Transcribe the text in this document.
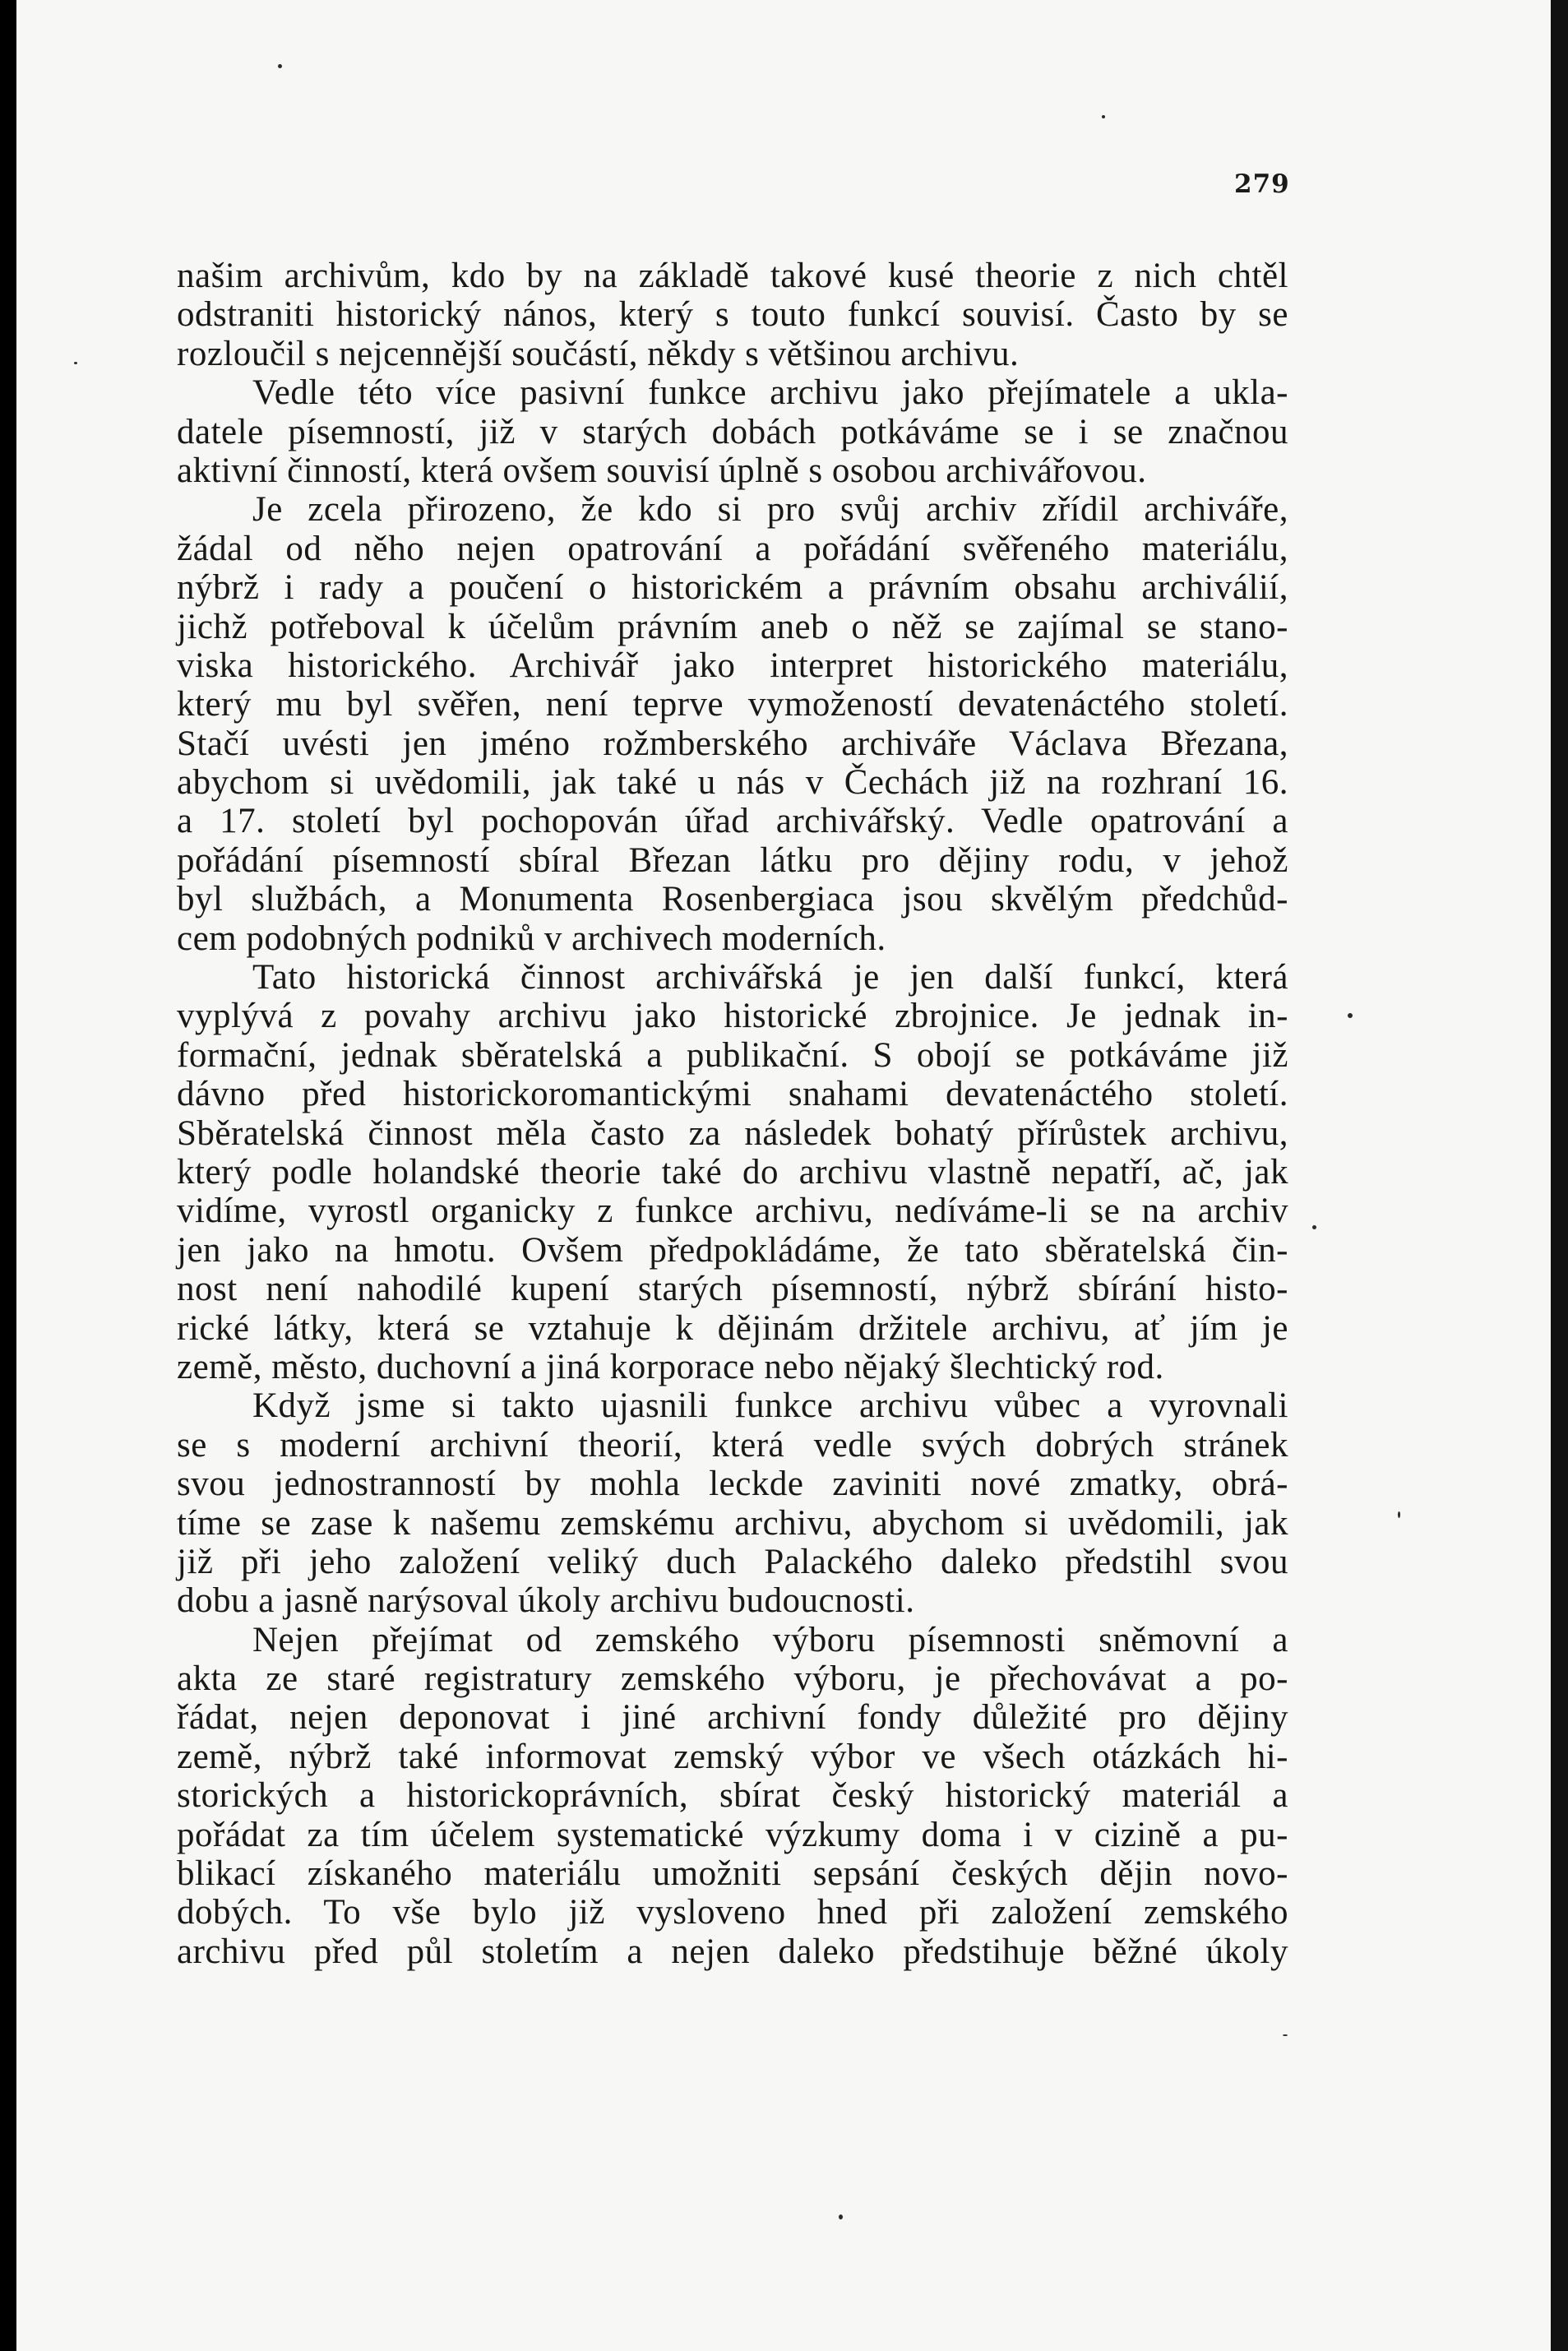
279
našim archivům, kdo by na základě takové kusé theorie z nich chtěl
odstraniti historický nános, který s touto funkcí souvisí. Často by se
rozloučil s nejcennější součástí, někdy s většinou archivu.
Vedle této více pasivní funkce archivu jako přejímatele a ukla-
datele písemností, již v starých dobách potkáváme se i se značnou
aktivní činností, která ovšem souvisí úplně s osobou archivářovou.
Je zcela přirozeno, že kdo si pro svůj archiv zřídil archiváře,
žádal od něho nejen opatrování a pořádání svěřeného materiálu,
nýbrž i rady a poučení o historickém a právním obsahu archiválií,
jichž potřeboval k účelům právním aneb o něž se zajímal se stano-
viska historického. Archivář jako interpret historického materiálu,
který mu byl svěřen, není teprve vymožeností devatenáctého století.
Stačí uvésti jen jméno rožmberského archiváře Václava Březana,
abychom si uvědomili, jak také u nás v Čechách již na rozhraní 16.
a 17. století byl pochopován úřad archivářský. Vedle opatrování a
pořádání písemností sbíral Březan látku pro dějiny rodu, v jehož
byl službách, a Monumenta Rosenbergiaca jsou skvělým předchůd-
cem podobných podniků v archivech moderních.
Tato historická činnost archivářská je jen další funkcí, která
vyplývá z povahy archivu jako historické zbrojnice. Je jednak in-
formační, jednak sběratelská a publikační. S obojí se potkáváme již
dávno před historickoromantickými snahami devatenáctého století.
Sběratelská činnost měla často za následek bohatý přírůstek archivu,
který podle holandské theorie také do archivu vlastně nepatří, ač, jak
vidíme, vyrostl organicky z funkce archivu, nedíváme-li se na archiv
jen jako na hmotu. Ovšem předpokládáme, že tato sběratelská čin-
nost není nahodilé kupení starých písemností, nýbrž sbírání histo-
rické látky, která se vztahuje k dějinám držitele archivu, ať jím je
země, město, duchovní a jiná korporace nebo nějaký šlechtický rod.
Když jsme si takto ujasnili funkce archivu vůbec a vyrovnali
se s moderní archivní theorií, která vedle svých dobrých stránek
svou jednostranností by mohla leckde zaviniti nové zmatky, obrá-
tíme se zase k našemu zemskému archivu, abychom si uvědomili, jak
již při jeho založení veliký duch Palackého daleko předstihl svou
dobu a jasně narýsoval úkoly archivu budoucnosti.
Nejen přejímat od zemského výboru písemnosti sněmovní a
akta ze staré registratury zemského výboru, je přechovávat a po-
řádat, nejen deponovat i jiné archivní fondy důležité pro dějiny
země, nýbrž také informovat zemský výbor ve všech otázkách hi-
storických a historickoprávních, sbírat český historický materiál a
pořádat za tím účelem systematické výzkumy doma i v cizině a pu-
blikací získaného materiálu umožniti sepsání českých dějin novo-
dobých. To vše bylo již vysloveno hned při založení zemského
archivu před půl stoletím a nejen daleko předstihuje běžné úkoly
